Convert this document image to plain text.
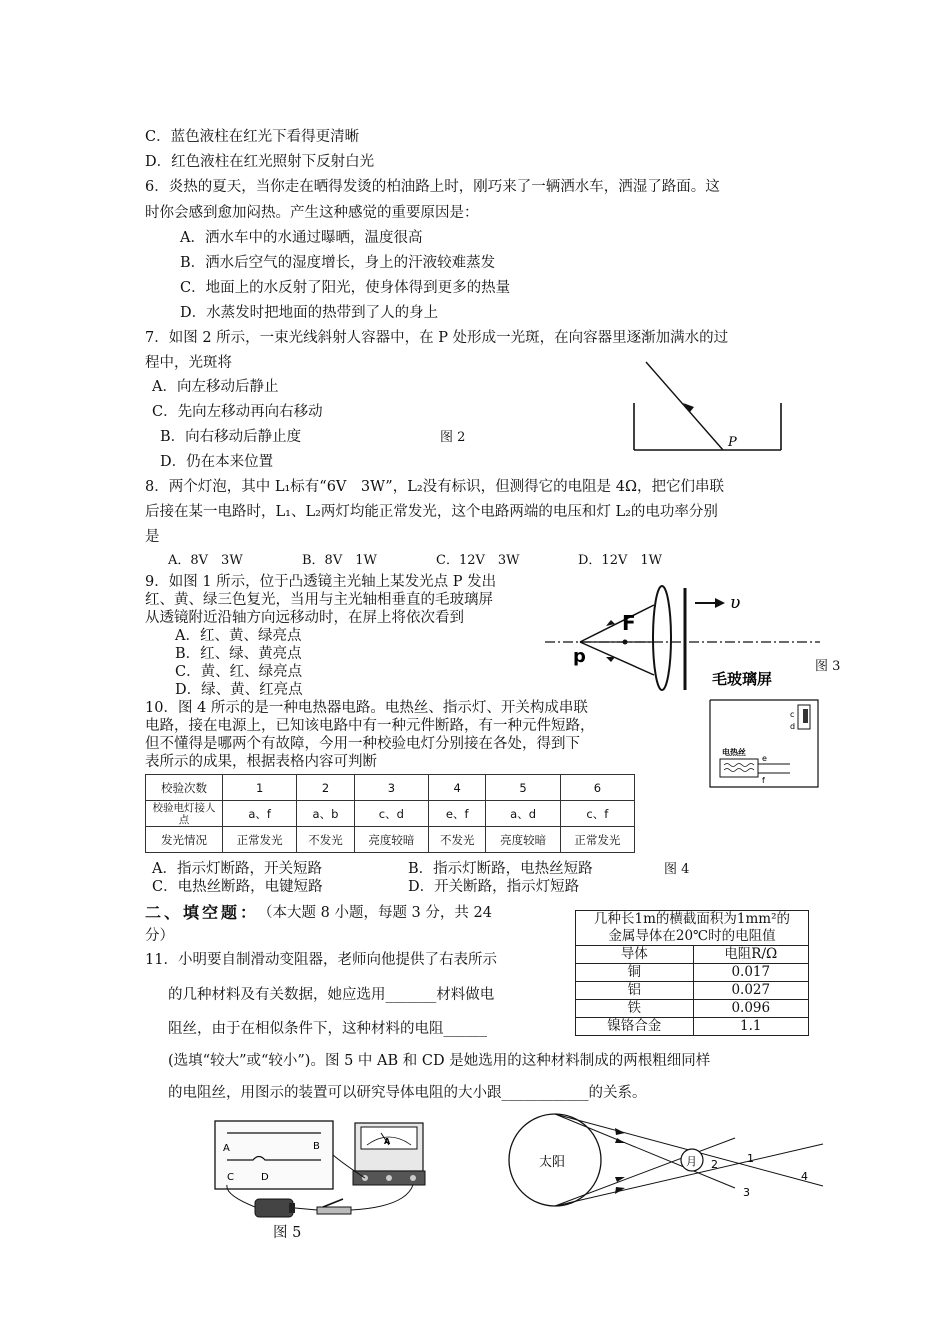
C．蓝色液柱在红光下看得更清晰
D．红色液柱在红光照射下反射白光
6．炎热的夏天，当你走在晒得发烫的柏油路上时，刚巧来了一辆洒水车，洒湿了路面。这
时你会感到愈加闷热。产生这种感觉的重要原因是：
A．洒水车中的水通过曝晒，温度很高
B．洒水后空气的湿度增长，身上的汗液较难蒸发
C．地面上的水反射了阳光，使身体得到更多的热量
D．水蒸发时把地面的热带到了人的身上
7．如图 2 所示，一束光线斜射人容器中，在 P 处形成一光斑，在向容器里逐渐加满水的过
程中，光斑将
A．向左移动后静止
C．先向左移动再向右移动
B．向右移动后静止度	图 2
D．仍在本来位置
P
8．两个灯泡，其中 L₁标有“6V　3W”，L₂没有标识，但测得它的电阻是 4Ω，把它们串联
后接在某一电路时，L₁、L₂两灯均能正常发光，这个电路两端的电压和灯 L₂的电功率分别
是
A．8V　3W	B．8V　1W	C．12V　3W	D．12V　1W
9．如图 1 所示，位于凸透镜主光轴上某发光点 P 发出
红、黄、绿三色复光，当用与主光轴相垂直的毛玻璃屏
从透镜附近沿轴方向远移动时，在屏上将依次看到
A．红、黄、绿亮点
B．红、绿、黄亮点
C．黄、红、绿亮点
D．绿、黄、红亮点
F
p
υ
毛玻璃屏
图 3
10．图 4 所示的是一种电热器电路。电热丝、指示灯、开关构成串联
电路，接在电源上，已知该电路中有一种元件断路，有一种元件短路，
但不懂得是哪两个有故障，今用一种校验电灯分别接在各处，得到下
表所示的成果，根据表格内容可判断
c
d
电热丝
e
f
校验次数	1	2	3	4	5	6
校验电灯接人点	a、f	a、b	c、d	e、f	a、d	c、f
发光情况	正常发光	不发光	亮度较暗	不发光	亮度较暗	正常发光
A．指示灯断路，开关短路	B．指示灯断路，电热丝短路	图 4
C．电热丝断路，电键短路	D．开关断路，指示灯短路
二、填空题：
（本大题 8 小题，每题 3 分，共 24
分）
几种长1m的横截面积为1mm²的
金属导体在20℃时的电阻值	

导体	电阻R/Ω
铜	0.017
铝	0.027
铁	0.096
镍铬合金	1.1
11．小明要自制滑动变阻器，老师向他提供了右表所示
的几种材料及有关数据，她应选用_______材料做电
阻丝，由于在相似条件下，这种材料的电阻______
(选填“较大”或“较小”)。图 5 中 AB 和 CD 是她选用的这种材料制成的两根粗细同样
的电阻丝，用图示的装置可以研究导体电阻的大小跟____________的关系。
A	B
C	D
A
图 5
太阳	月 2	1
3
4
